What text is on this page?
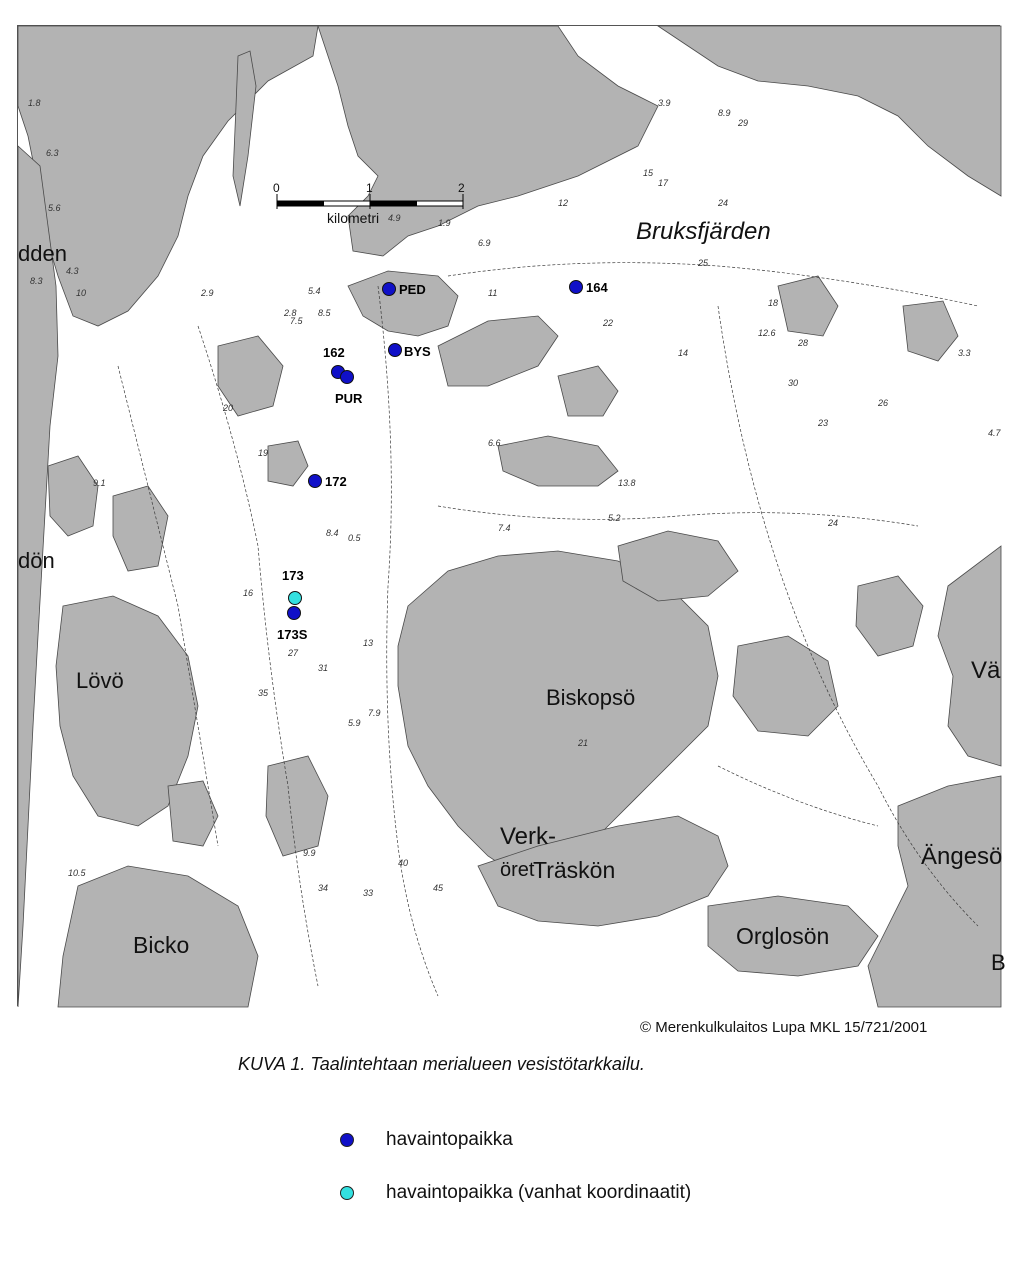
0	1	2
kilometri
1.8
6.3
5.6
8.3
4.3
10	2.9
7.5
5.4
8.5
2.8
4.9
6.9
1.9
12
15
17
11
20
24
25
22
18
28
30
26
14
23
29
3.9
8.9
7.9
5.9
9.9
13
19
21
27
31
35
40
45
33
34
16
9.1
7.4
5.2
8.4 0.5
6.6
3.3
4.7
10.5
12.6
13.8
24
Bruksfjärden
dden
dön
Lövö
Biskopsö
Verk-
öret
Träskön
Orglosön
Bicko
Ängesö
Vä
B
PED	164
BYS
162
PUR
172
173
173S
© Merenkulkulaitos Lupa MKL 15/721/2001
KUVA 1. Taalintehtaan merialueen vesistötarkkailu.
havaintopaikka
havaintopaikka (vanhat koordinaatit)
